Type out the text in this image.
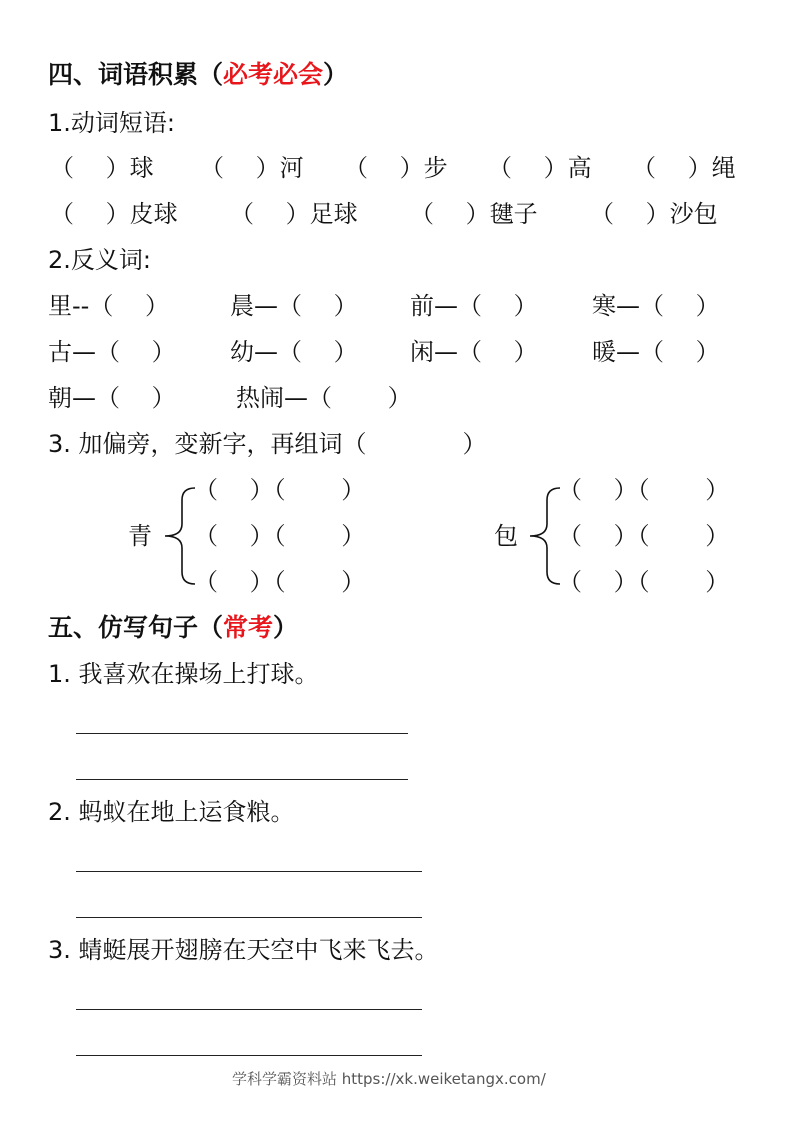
四、词语积累（必考必会）
1.动词短语:
（　 ）球 （　 ）河 （　 ）步 （　 ）高 （　 ）绳
（　 ）皮球 （　 ）足球 （　 ）毽子 （　 ）沙包
2.反义词:
里--（　 ）	晨—（　 ） 前—（　 ） 寒—（　 ）
古—（　 ） 幼—（　 ） 闲—（　 ） 暖—（　 ）
朝—（　 ）	热闹—（　　 ）
3. 加偏旁，变新字，再组词（　　　　）
青
（　 ）（　　 ）
（　 ）（　　 ）
（　 ）（　　 ）
包
（　 ）（　　 ）
（　 ）（　　 ）
（　 ）（　　 ）
五、仿写句子（常考）
1. 我喜欢在操场上打球。
2. 蚂蚁在地上运食粮。
3. 蜻蜓展开翅膀在天空中飞来飞去。
学科学霸资料站 https://xk.weiketangx.com/
